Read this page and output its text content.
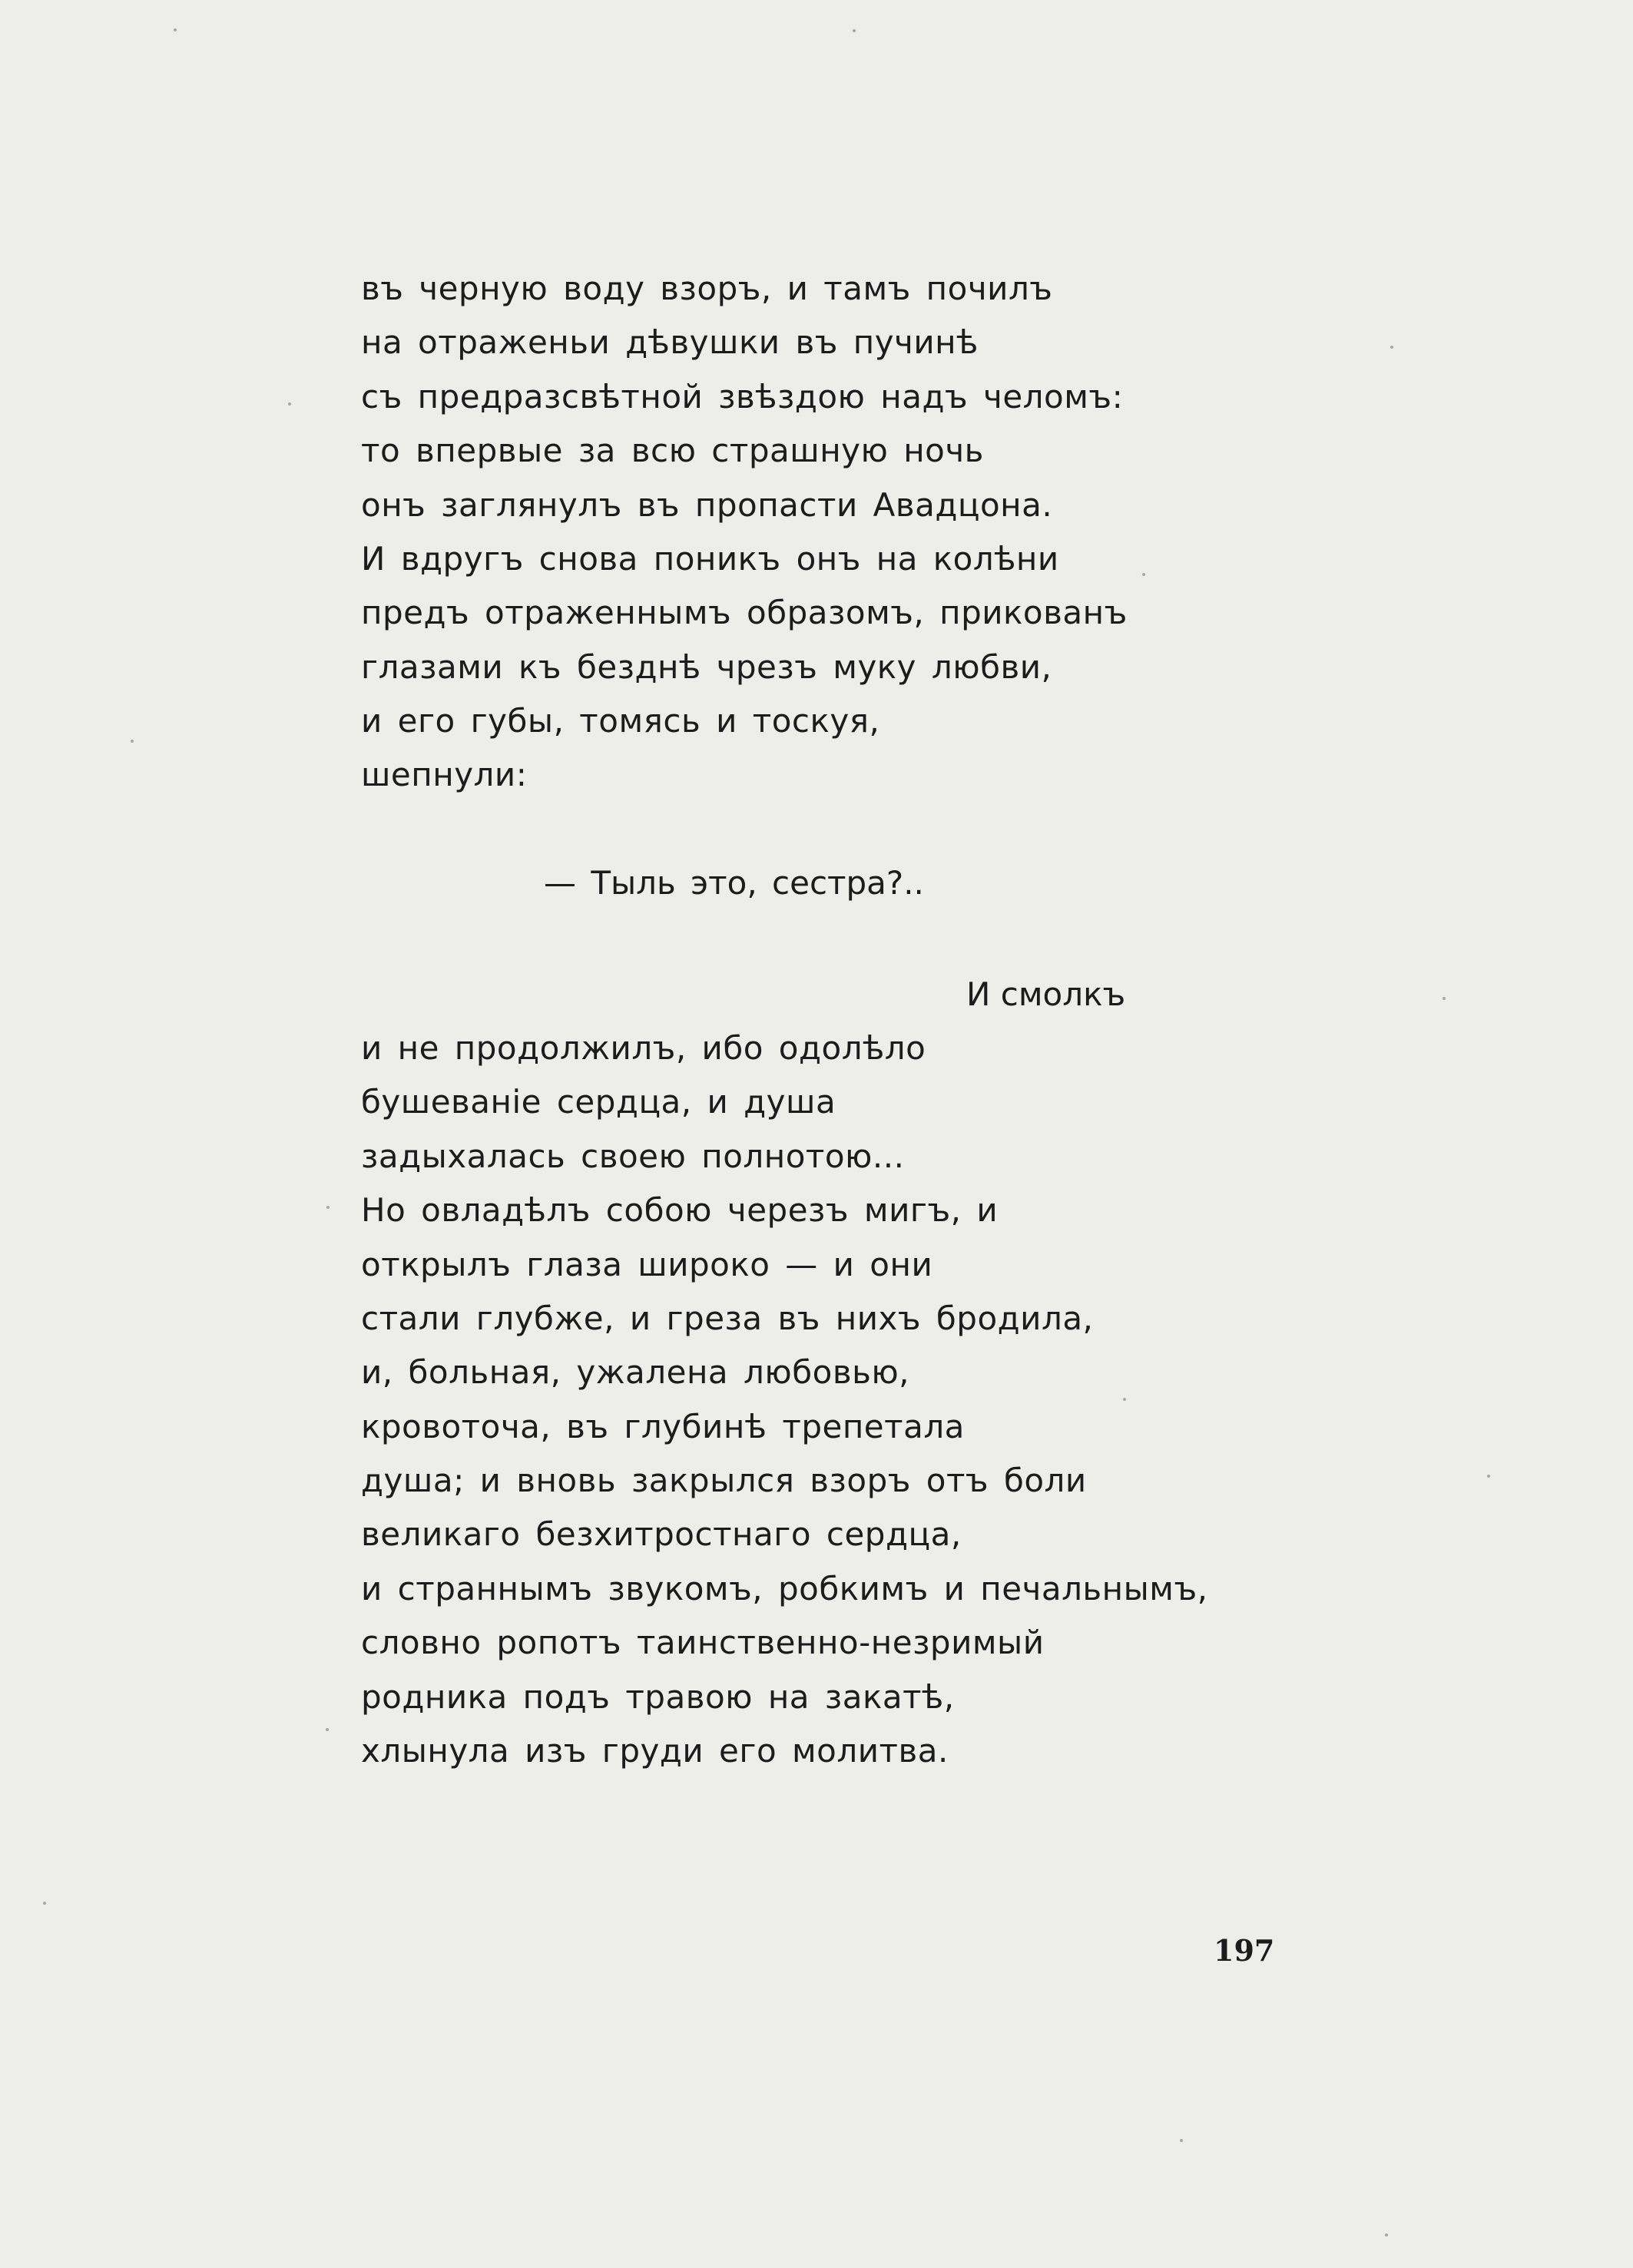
въ черную воду взоръ, и тамъ почилъ
на отраженьи дѣвушки въ пучинѣ
съ предразсвѣтной звѣздою надъ челомъ:
то впервые за всю страшную ночь
онъ заглянулъ въ пропасти Авадцона.
И вдругъ снова поникъ онъ на колѣни
предъ отраженнымъ образомъ, прикованъ
глазами къ безднѣ чрезъ муку любви,
и его губы, томясь и тоскуя,
шепнули:
— Тыль это, сестра?..
И смолкъ
и не продолжилъ, ибо одолѣло
бушеваніе сердца, и душа
задыхалась своею полнотою...
Но овладѣлъ собою черезъ мигъ, и
открылъ глаза широко — и они
стали глубже, и греза въ нихъ бродила,
и, больная, ужалена любовью,
кровоточа, въ глубинѣ трепетала
душа; и вновь закрылся взоръ отъ боли
великаго безхитростнаго сердца,
и страннымъ звукомъ, робкимъ и печальнымъ,
словно ропотъ таинственно-незримый
родника подъ травою на закатѣ,
хлынула изъ груди его молитва.
197
